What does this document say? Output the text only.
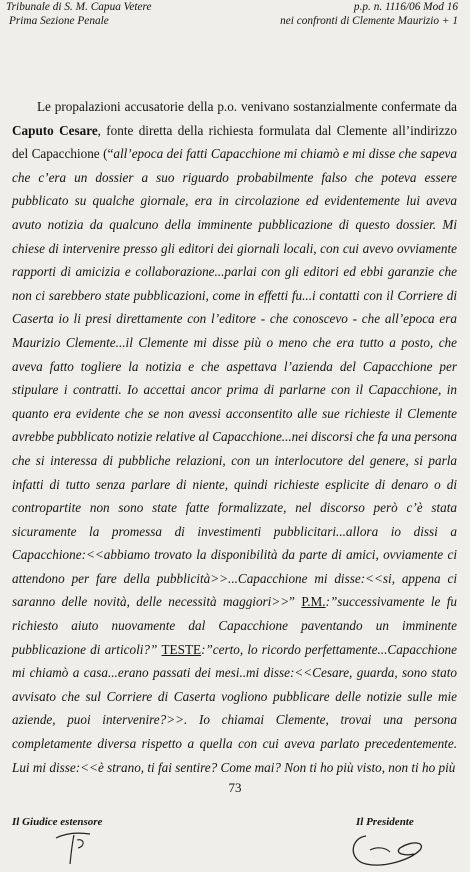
Tribunale di S. M. Capua Vetere
Prima Sezione Penale
p.p. n. 1116/06 Mod 16
nei confronti di Clemente Maurizio + 1

Le propalazioni accusatorie della p.o. venivano sostanzialmente confermate da Caputo Cesare, fonte diretta della richiesta formulata dal Clemente all’indirizzo del Capacchione (“all’epoca dei fatti Capacchione mi chiamò e mi disse che sapeva che c’era un dossier a suo riguardo probabilmente falso che poteva essere pubblicato su qualche giornale, era in circolazione ed evidentemente lui aveva avuto notizia da qualcuno della imminente pubblicazione di questo dossier. Mi chiese di intervenire presso gli editori dei giornali locali, con cui avevo ovviamente rapporti di amicizia e collaborazione...parlai con gli editori ed ebbi garanzie che non ci sarebbero state pubblicazioni, come in effetti fu...i contatti con il Corriere di Caserta io li presi direttamente con l’editore - che conoscevo - che all’epoca era Maurizio Clemente...il Clemente mi disse più o meno che era tutto a posto, che aveva fatto togliere la notizia e che aspettava l’azienda del Capacchione per stipulare i contratti. Io accettai ancor prima di parlarne con il Capacchione, in quanto era evidente che se non avessi acconsentito alle sue richieste il Clemente avrebbe pubblicato notizie relative al Capacchione...nei discorsi che fa una persona che si interessa di pubbliche relazioni, con un interlocutore del genere, si parla infatti di tutto senza parlare di niente, quindi richieste esplicite di denaro o di contropartite non sono state fatte formalizzate, nel discorso però c’è stata sicuramente la promessa di investimenti pubblicitari...allora io dissi a Capacchione:<<abbiamo trovato la disponibilità da parte di amici, ovviamente ci attendono per fare della pubblicità>>...Capacchione mi disse:<<si, appena ci saranno delle novità, delle necessità maggiori>>” P.M.:”successivamente le fu richiesto aiuto nuovamente dal Capacchione paventando un imminente pubblicazione di articoli?” TESTE:”certo, lo ricordo perfettamente...Capacchione mi chiamò a casa...erano passati dei mesi..mi disse:<<Cesare, guarda, sono stato avvisato che sul Corriere di Caserta vogliono pubblicare delle notizie sulle mie aziende, puoi intervenire?>>. Io chiamai Clemente, trovai una persona completamente diversa rispetto a quella con cui aveva parlato precedentemente. Lui mi disse:<<è strano, ti fai sentire? Come mai? Non ti ho più visto, non ti ho più

73
Il Giudice estensore	Il Presidente
